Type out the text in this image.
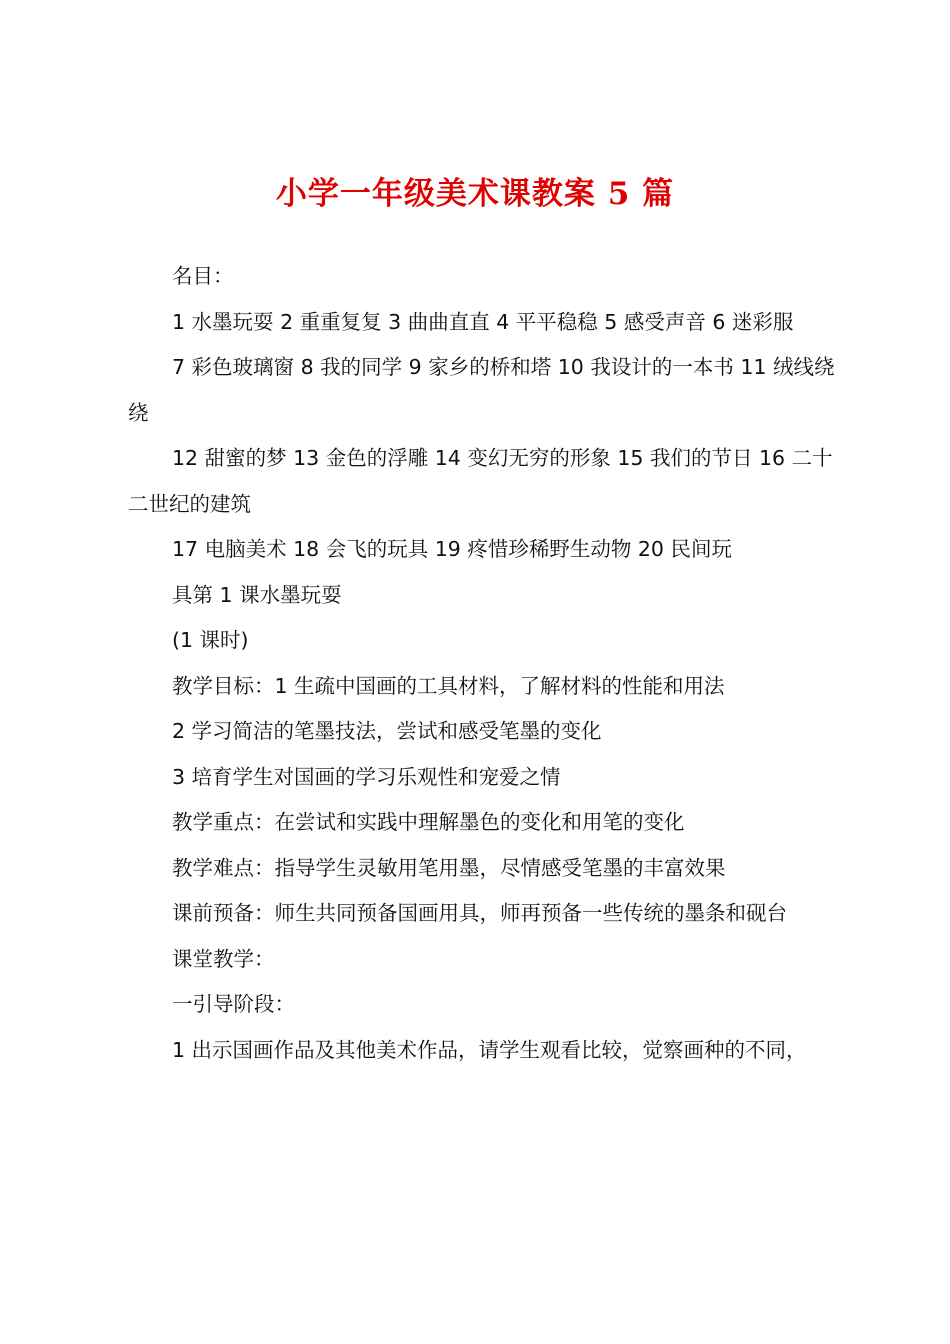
小学一年级美术课教案 5 篇

名目：

1 水墨玩耍 2 重重复复 3 曲曲直直 4 平平稳稳 5 感受声音 6 迷彩服

7 彩色玻璃窗 8 我的同学 9 家乡的桥和塔 10 我设计的一本书 11 绒线绕绕

12 甜蜜的梦 13 金色的浮雕 14 变幻无穷的形象 15 我们的节日 16 二十二世纪的建筑

17 电脑美术 18 会飞的玩具 19 疼惜珍稀野生动物 20 民间玩

具第 1 课水墨玩耍

(1 课时)

教学目标：1 生疏中国画的工具材料，了解材料的性能和用法

2 学习简洁的笔墨技法，尝试和感受笔墨的变化

3 培育学生对国画的学习乐观性和宠爱之情

教学重点：在尝试和实践中理解墨色的变化和用笔的变化

教学难点：指导学生灵敏用笔用墨，尽情感受笔墨的丰富效果

课前预备：师生共同预备国画用具，师再预备一些传统的墨条和砚台

课堂教学：

一引导阶段：

1 出示国画作品及其他美术作品，请学生观看比较，觉察画种的不同，
